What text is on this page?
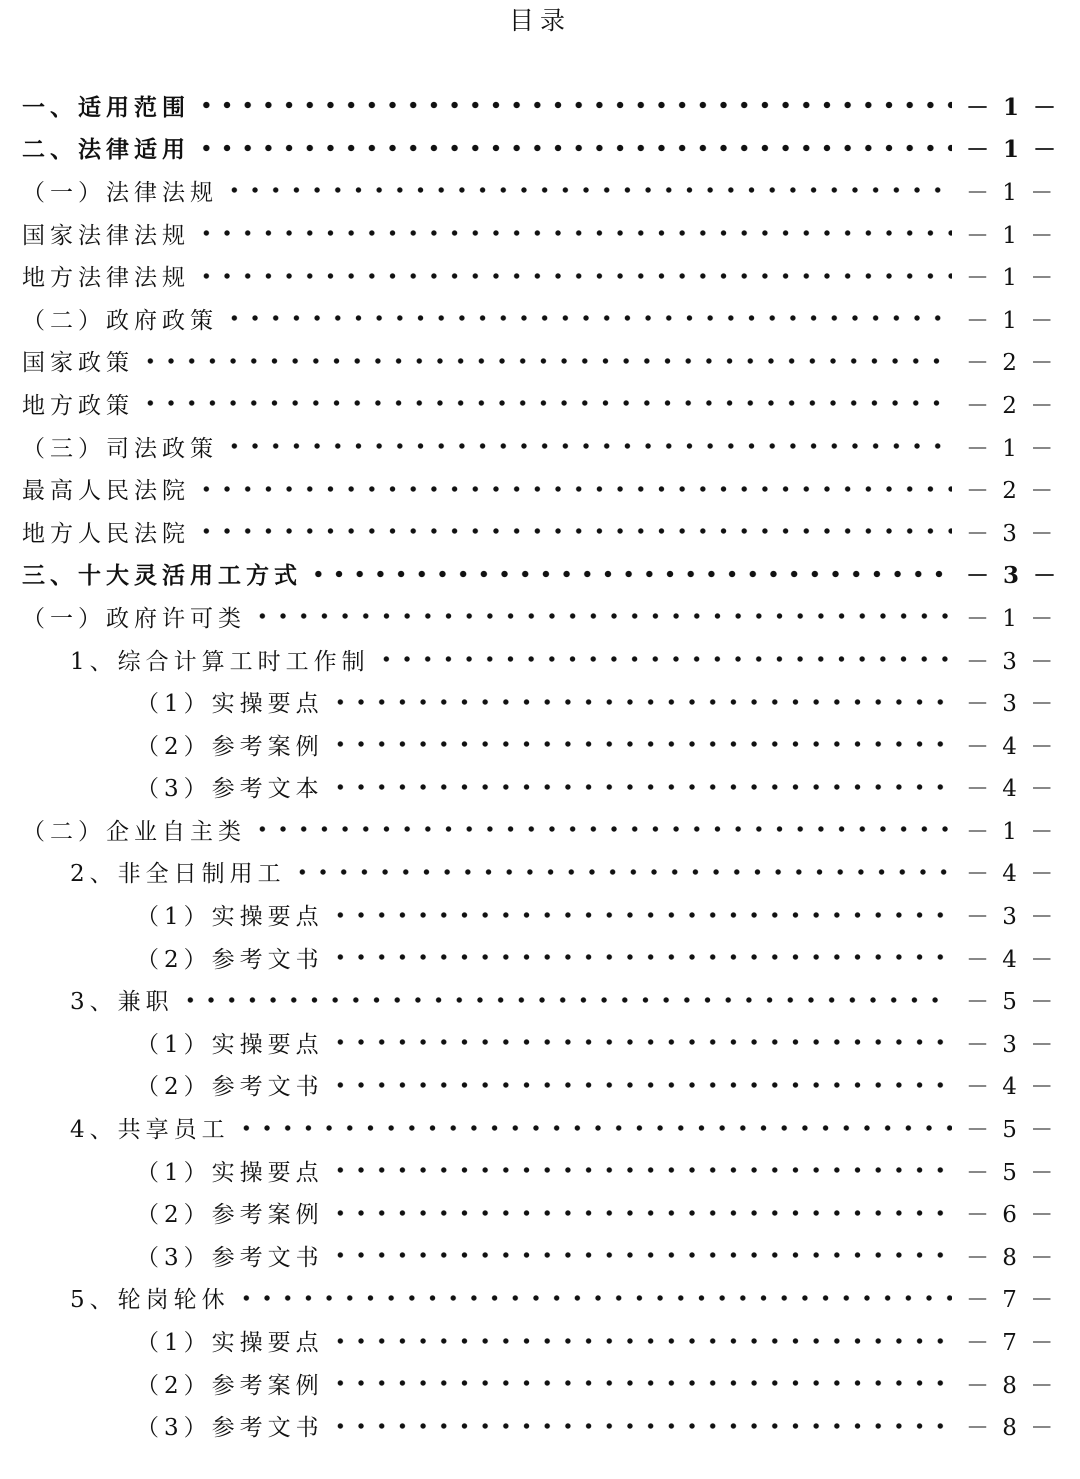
目录
一、适用范围	－ 1 －
二、法律适用	－ 1 －
（一）法律法规	－ 1 －
国家法律法规	－ 1 －
地方法律法规	－ 1 －
（二）政府政策	－ 1 －
国家政策	－ 2 －
地方政策	－ 2 －
（三）司法政策	－ 1 －
最高人民法院	－ 2 －
地方人民法院	－ 3 －
三、十大灵活用工方式	－ 3 －
（一）政府许可类	－ 1 －
1、综合计算工时工作制	－ 3 －
（1）实操要点	－ 3 －
（2）参考案例	－ 4 －
（3）参考文本	－ 4 －
（二）企业自主类	－ 1 －
2、非全日制用工	－ 4 －
（1）实操要点	－ 3 －
（2）参考文书	－ 4 －
3、兼职	－ 5 －
（1）实操要点	－ 3 －
（2）参考文书	－ 4 －
4、共享员工	－ 5 －
（1）实操要点	－ 5 －
（2）参考案例	－ 6 －
（3）参考文书	－ 8 －
5、轮岗轮休	－ 7 －
（1）实操要点	－ 7 －
（2）参考案例	－ 8 －
（3）参考文书	－ 8 －
